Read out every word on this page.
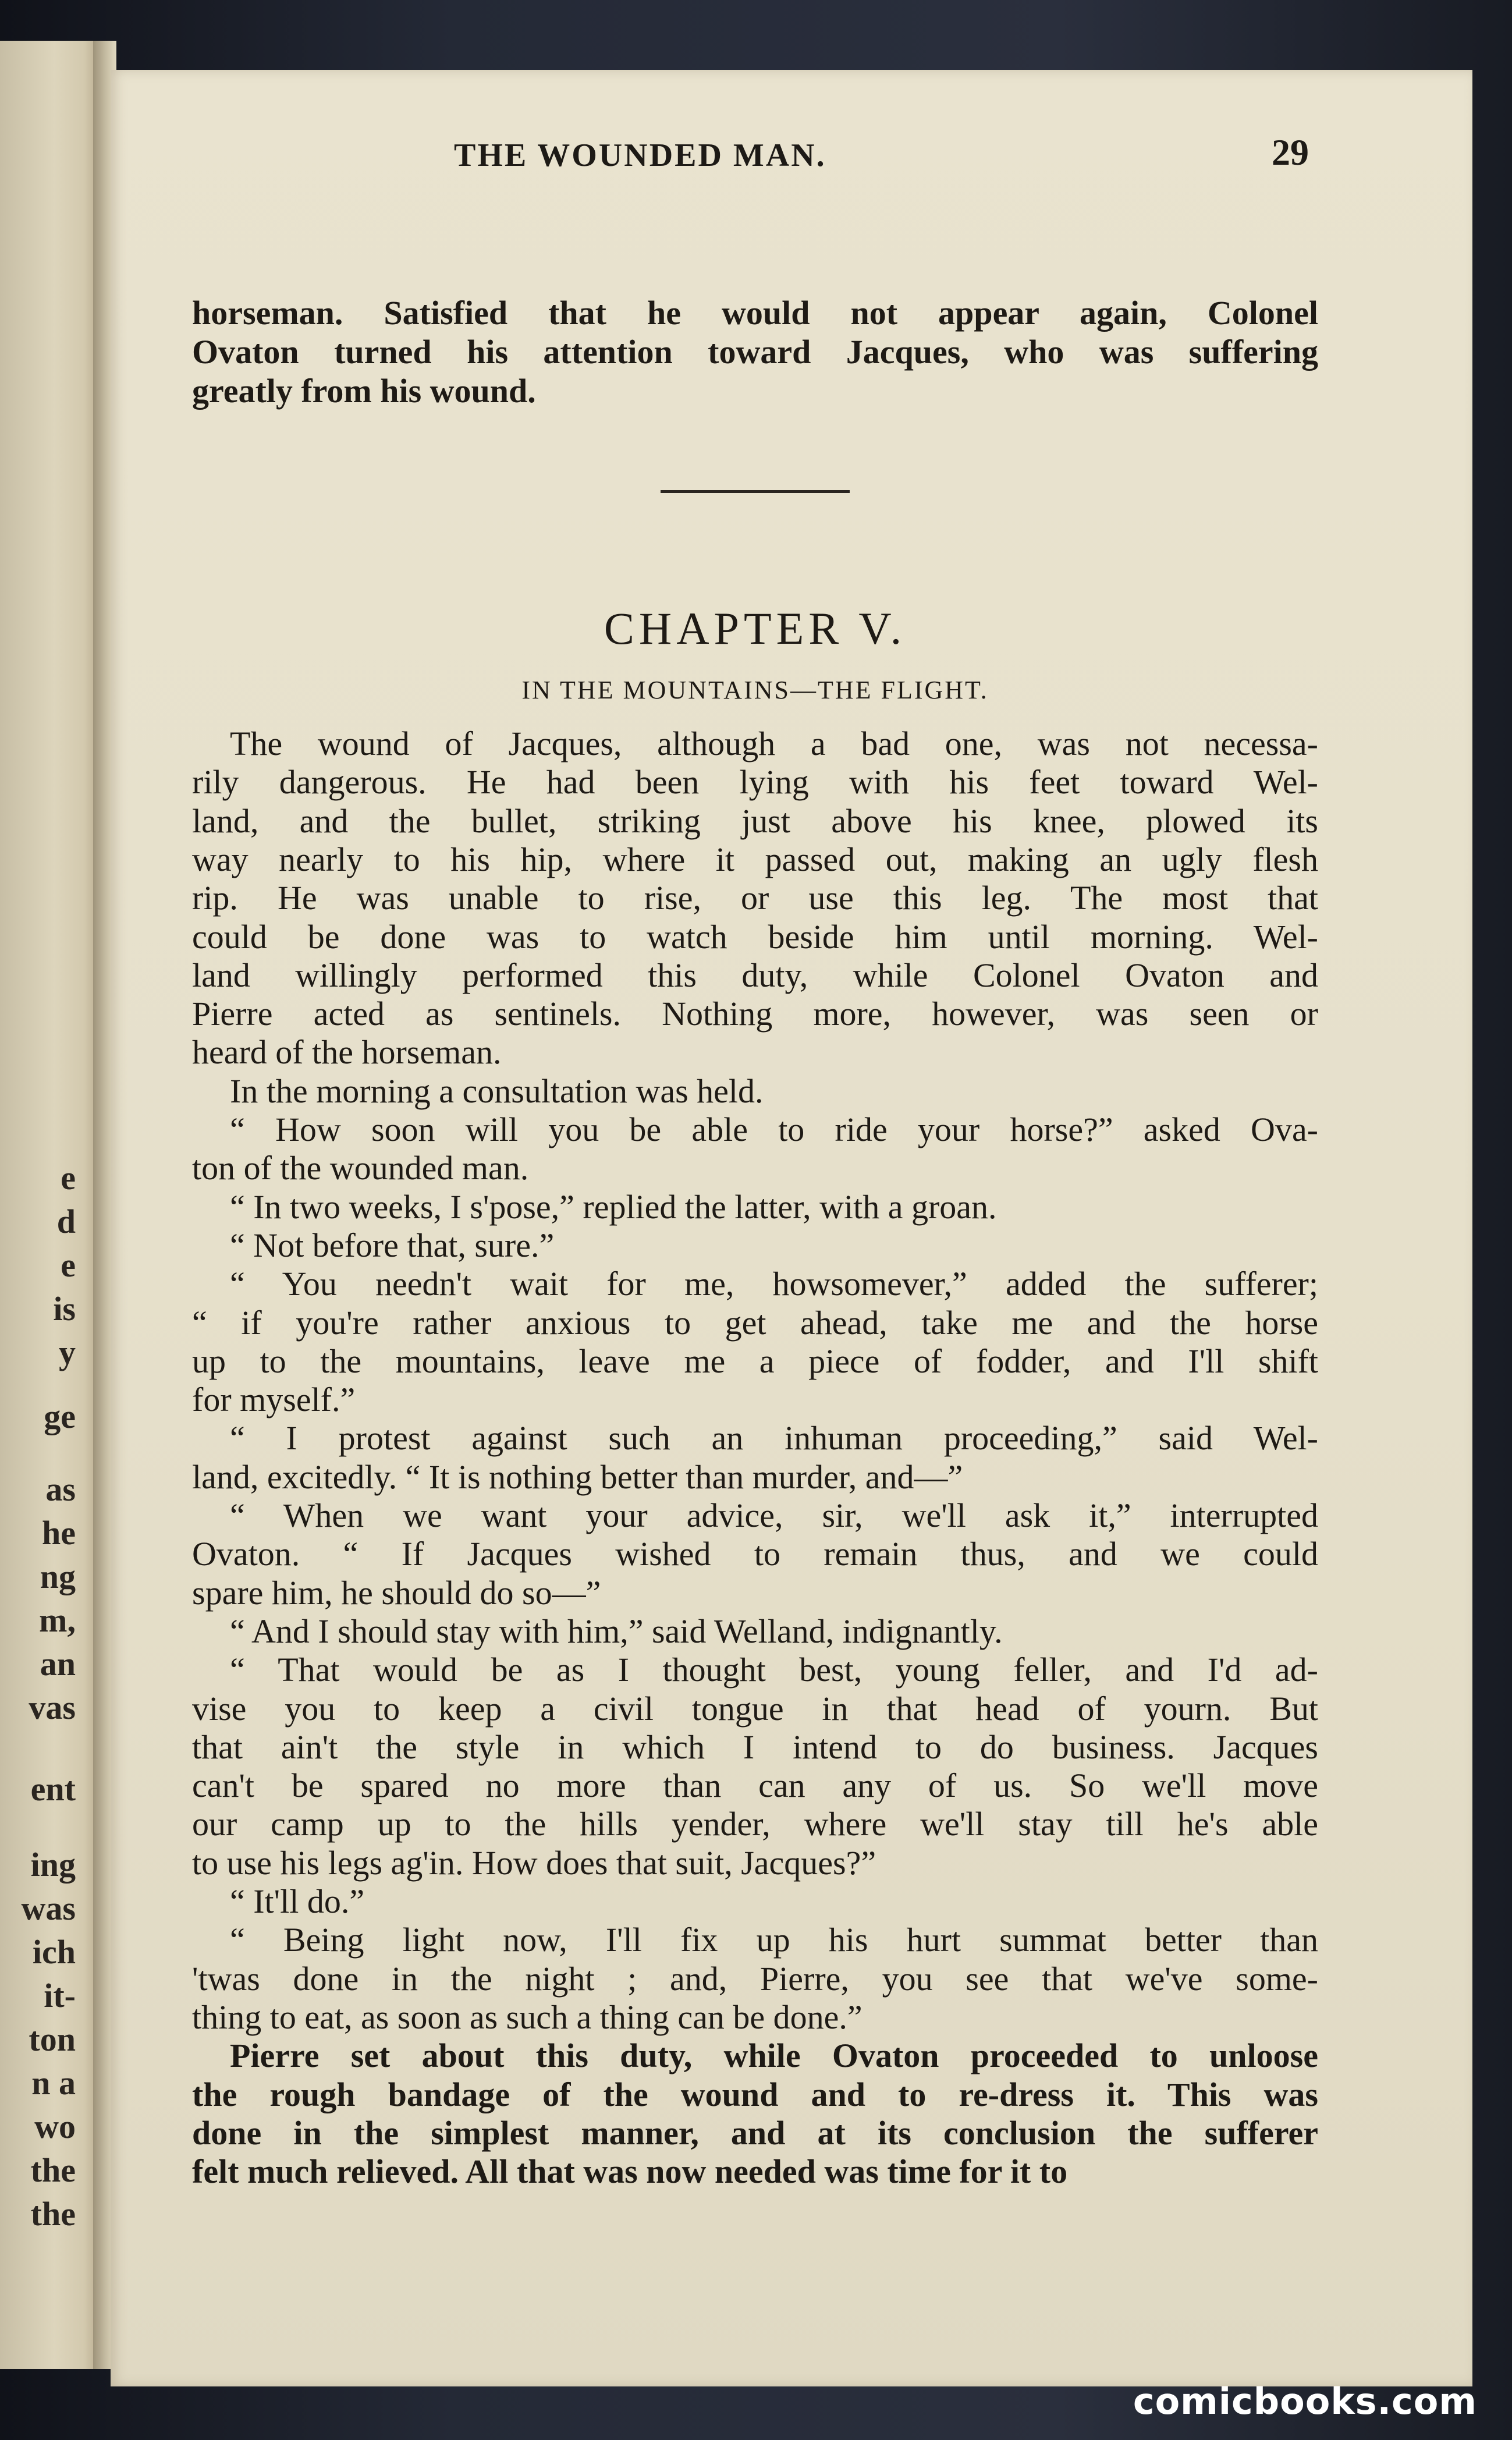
e
d
e
is
y
ge
as
he
ng
m,
an
vas
ent
ing
was
ich
it-
ton
n a
wo
the
the
THE WOUNDED MAN.	29
horseman. Satisfied that he would not appear again, Colonel
Ovaton turned his attention toward Jacques, who was suffering
greatly from his wound.
CHAPTER V.
IN THE MOUNTAINS—THE FLIGHT.
The wound of Jacques, although a bad one, was not necessa-
rily dangerous. He had been lying with his feet toward Wel-
land, and the bullet, striking just above his knee, plowed its
way nearly to his hip, where it passed out, making an ugly flesh
rip. He was unable to rise, or use this leg. The most that
could be done was to watch beside him until morning. Wel-
land willingly performed this duty, while Colonel Ovaton and
Pierre acted as sentinels. Nothing more, however, was seen or
heard of the horseman.
In the morning a consultation was held.
“ How soon will you be able to ride your horse?” asked Ova-
ton of the wounded man.
“ In two weeks, I s'pose,” replied the latter, with a groan.
“ Not before that, sure.”
“ You needn't wait for me, howsomever,” added the sufferer;
“ if you're rather anxious to get ahead, take me and the horse
up to the mountains, leave me a piece of fodder, and I'll shift
for myself.”
“ I protest against such an inhuman proceeding,” said Wel-
land, excitedly. “ It is nothing better than murder, and—”
“ When we want your advice, sir, we'll ask it,” interrupted
Ovaton. “ If Jacques wished to remain thus, and we could
spare him, he should do so—”
“ And I should stay with him,” said Welland, indignantly.
“ That would be as I thought best, young feller, and I'd ad-
vise you to keep a civil tongue in that head of yourn. But
that ain't the style in which I intend to do business. Jacques
can't be spared no more than can any of us. So we'll move
our camp up to the hills yender, where we'll stay till he's able
to use his legs ag'in. How does that suit, Jacques?”
“ It'll do.”
“ Being light now, I'll fix up his hurt summat better than
'twas done in the night ; and, Pierre, you see that we've some-
thing to eat, as soon as such a thing can be done.”
Pierre set about this duty, while Ovaton proceeded to unloose
the rough bandage of the wound and to re-dress it. This was
done in the simplest manner, and at its conclusion the sufferer
felt much relieved. All that was now needed was time for it to
comicbooks.com
